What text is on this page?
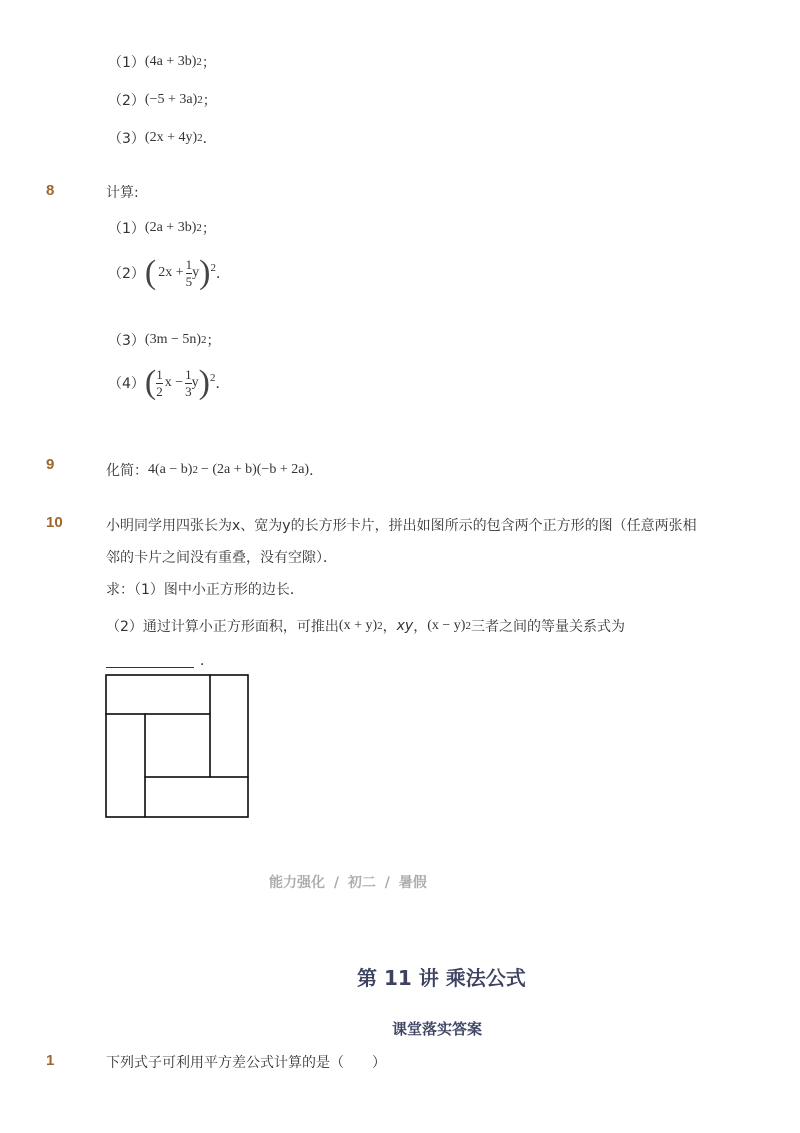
（1） (4a + 3b) 2 ；
（2） (−5 + 3a) 2 ；
（3） (2x + 4y) 2 ．
8	计算:
（1） (2a + 3b) 2 ；
（2） ( $2x + \frac{1}{5}$ y ) 2 ．
（3） (3m − 5n) 2 ；
（4） ( $\frac{1}{2}$ $x - \frac{1}{3}$ y ) 2 ．
9	化简： 4(a − b) 2 − (2a + b)(−b + 2a) ．
10	小明同学用四张长为x、宽为y的长方形卡片，拼出如图所示的包含两个正方形的图（任意两张相
邻的卡片之间没有重叠，没有空隙）．
求：（1）图中小正方形的边长．
（2）通过计算小正方形面积，可推出 (x + y) 2 ， xy ， (x − y) 2 三者之间的等量关系式为
．
能力强化 / 初二 / 暑假
第 11 讲 乘法公式
课堂落实答案
1	下列式子可利用平方差公式计算的是（　　）
